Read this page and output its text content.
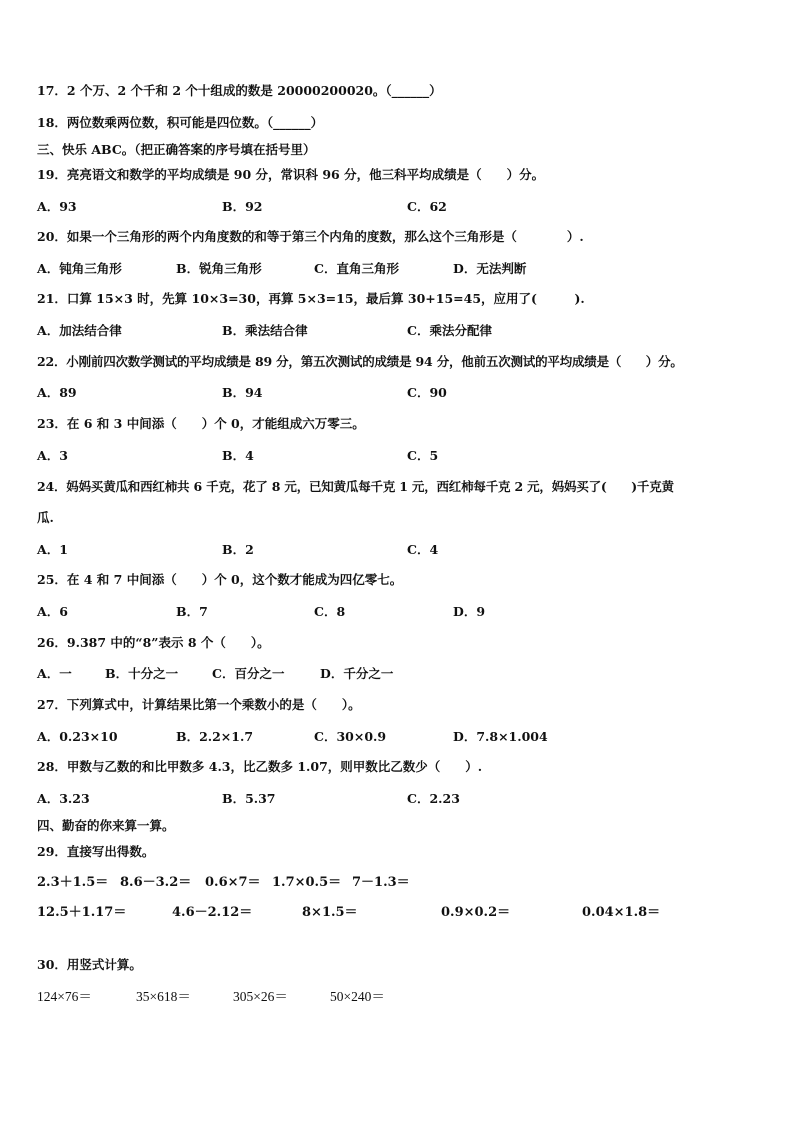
17．2 个万、2 个千和 2 个十组成的数是 20000200020。（______）
18．两位数乘两位数，积可能是四位数。（______）
三、快乐 ABC。（把正确答案的序号填在括号里）
19．亮亮语文和数学的平均成绩是 90 分，常识科 96 分，他三科平均成绩是（　　）分。
A．93	B．92	C．62
20．如果一个三角形的两个内角度数的和等于第三个内角的度数，那么这个三角形是（　　　　）.
A．钝角三角形	B．锐角三角形	C．直角三角形	D．无法判断
21．口算 15×3 时，先算 10×3=30，再算 5×3=15，最后算 30+15=45，应用了(　　　).
A．加法结合律	B．乘法结合律	C．乘法分配律
22．小刚前四次数学测试的平均成绩是 89 分，第五次测试的成绩是 94 分，他前五次测试的平均成绩是（　　）分。
A．89	B．94	C．90
23．在 6 和 3 中间添（　　）个 0，才能组成六万零三。
A．3	B．4	C．5
24．妈妈买黄瓜和西红柿共 6 千克，花了 8 元，已知黄瓜每千克 1 元，西红柿每千克 2 元，妈妈买了(　　)千克黄
瓜.
A．1	B．2	C．4
25．在 4 和 7 中间添（　　）个 0，这个数才能成为四亿零七。
A．6	B．7	C．8	D．9
26．9.387 中的“8”表示 8 个（　　）。
A．一	B．十分之一	C．百分之一	D．千分之一
27．下列算式中，计算结果比第一个乘数小的是（　　）。
A．0.23×10	B．2.2×1.7	C．30×0.9	D．7.8×1.004
28．甲数与乙数的和比甲数多 4.3，比乙数多 1.07，则甲数比乙数少（　　）.
A．3.23	B．5.37	C．2.23
四、勤奋的你来算一算。
29．直接写出得数。
2.3＋1.5＝ 8.6－3.2＝ 0.6×7＝ 1.7×0.5＝ 7－1.3＝
12.5＋1.17＝	4.6－2.12＝	8×1.5＝	0.9×0.2＝	0.04×1.8＝
30．用竖式计算。
124×76＝	35×618＝	305×26＝	50×240＝
